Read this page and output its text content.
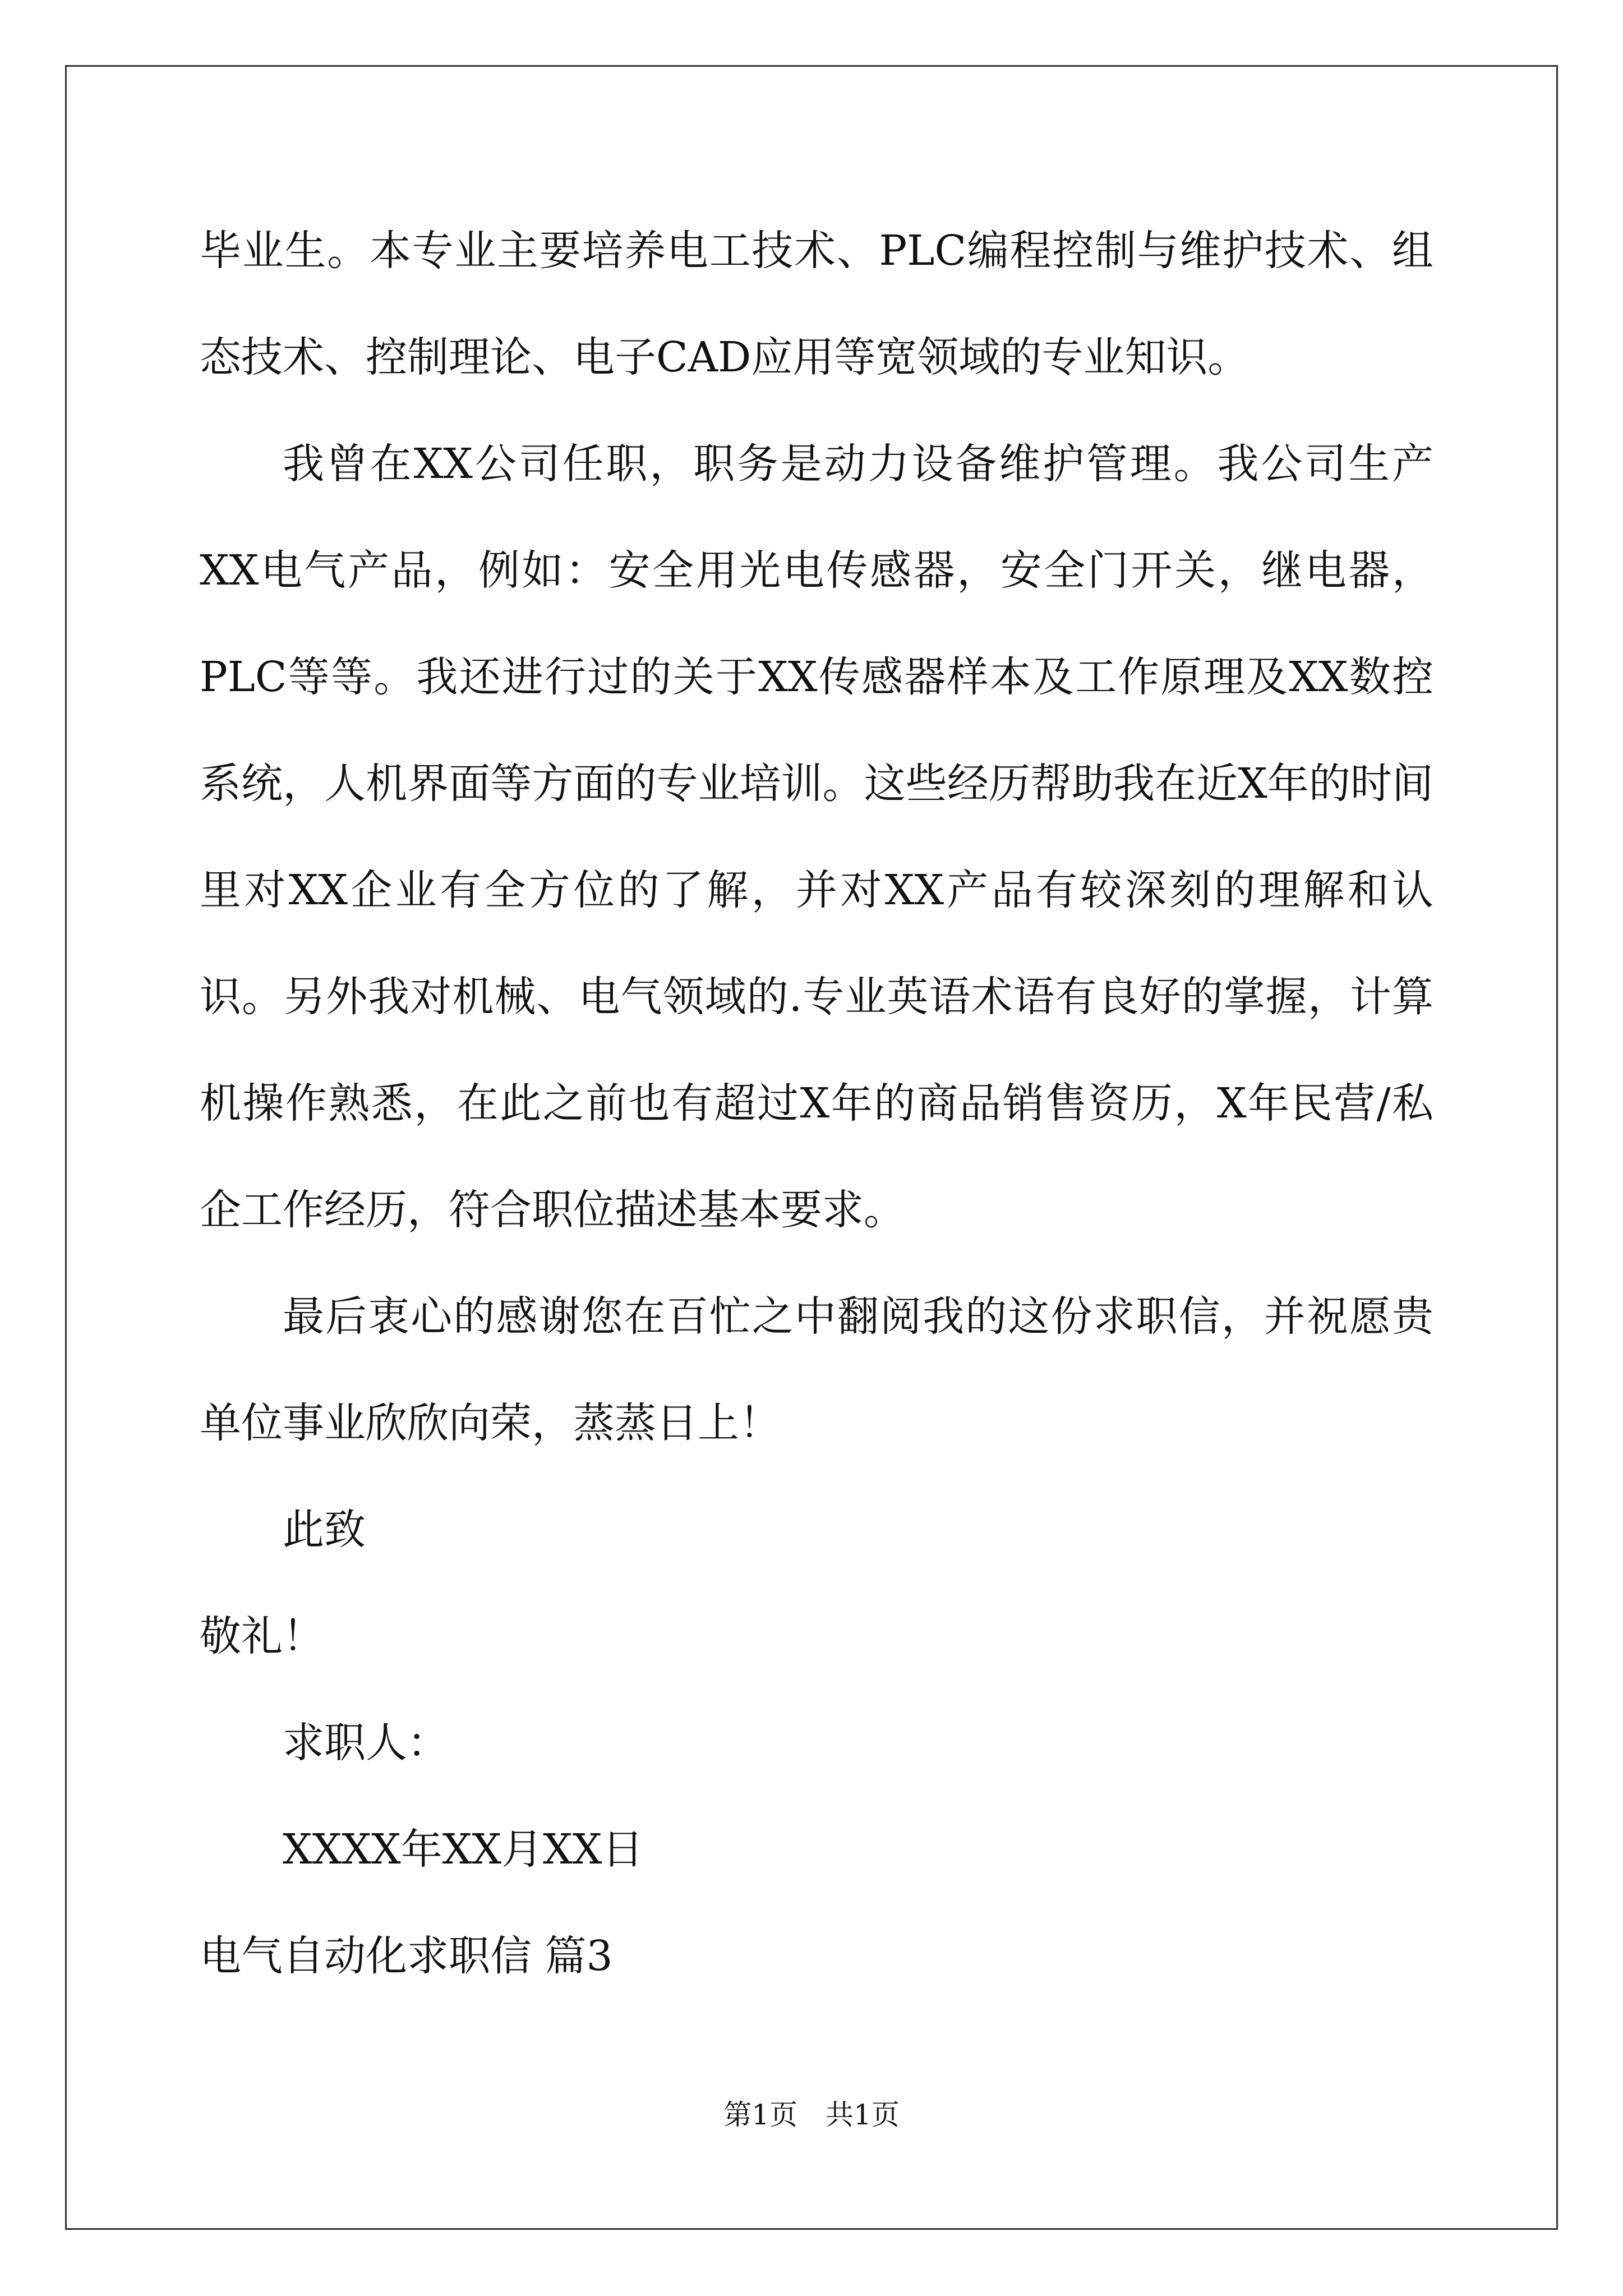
毕业生。本专业主要培养电工技术、PLC编程控制与维护技术、组态技术、控制理论、电子CAD应用等宽领域的专业知识。

我曾在XX公司任职，职务是动力设备维护管理。我公司生产XX电气产品，例如：安全用光电传感器，安全门开关，继电器，PLC等等。我还进行过的关于XX传感器样本及工作原理及XX数控系统，人机界面等方面的专业培训。这些经历帮助我在近X年的时间里对XX企业有全方位的了解，并对XX产品有较深刻的理解和认识。另外我对机械、电气领域的.专业英语术语有良好的掌握，计算机操作熟悉，在此之前也有超过X年的商品销售资历，X年民营/私企工作经历，符合职位描述基本要求。

最后衷心的感谢您在百忙之中翻阅我的这份求职信，并祝愿贵单位事业欣欣向荣，蒸蒸日上！

此致

敬礼！

求职人：

XXXX年XX月XX日

电气自动化求职信 篇3

第1页　共1页
